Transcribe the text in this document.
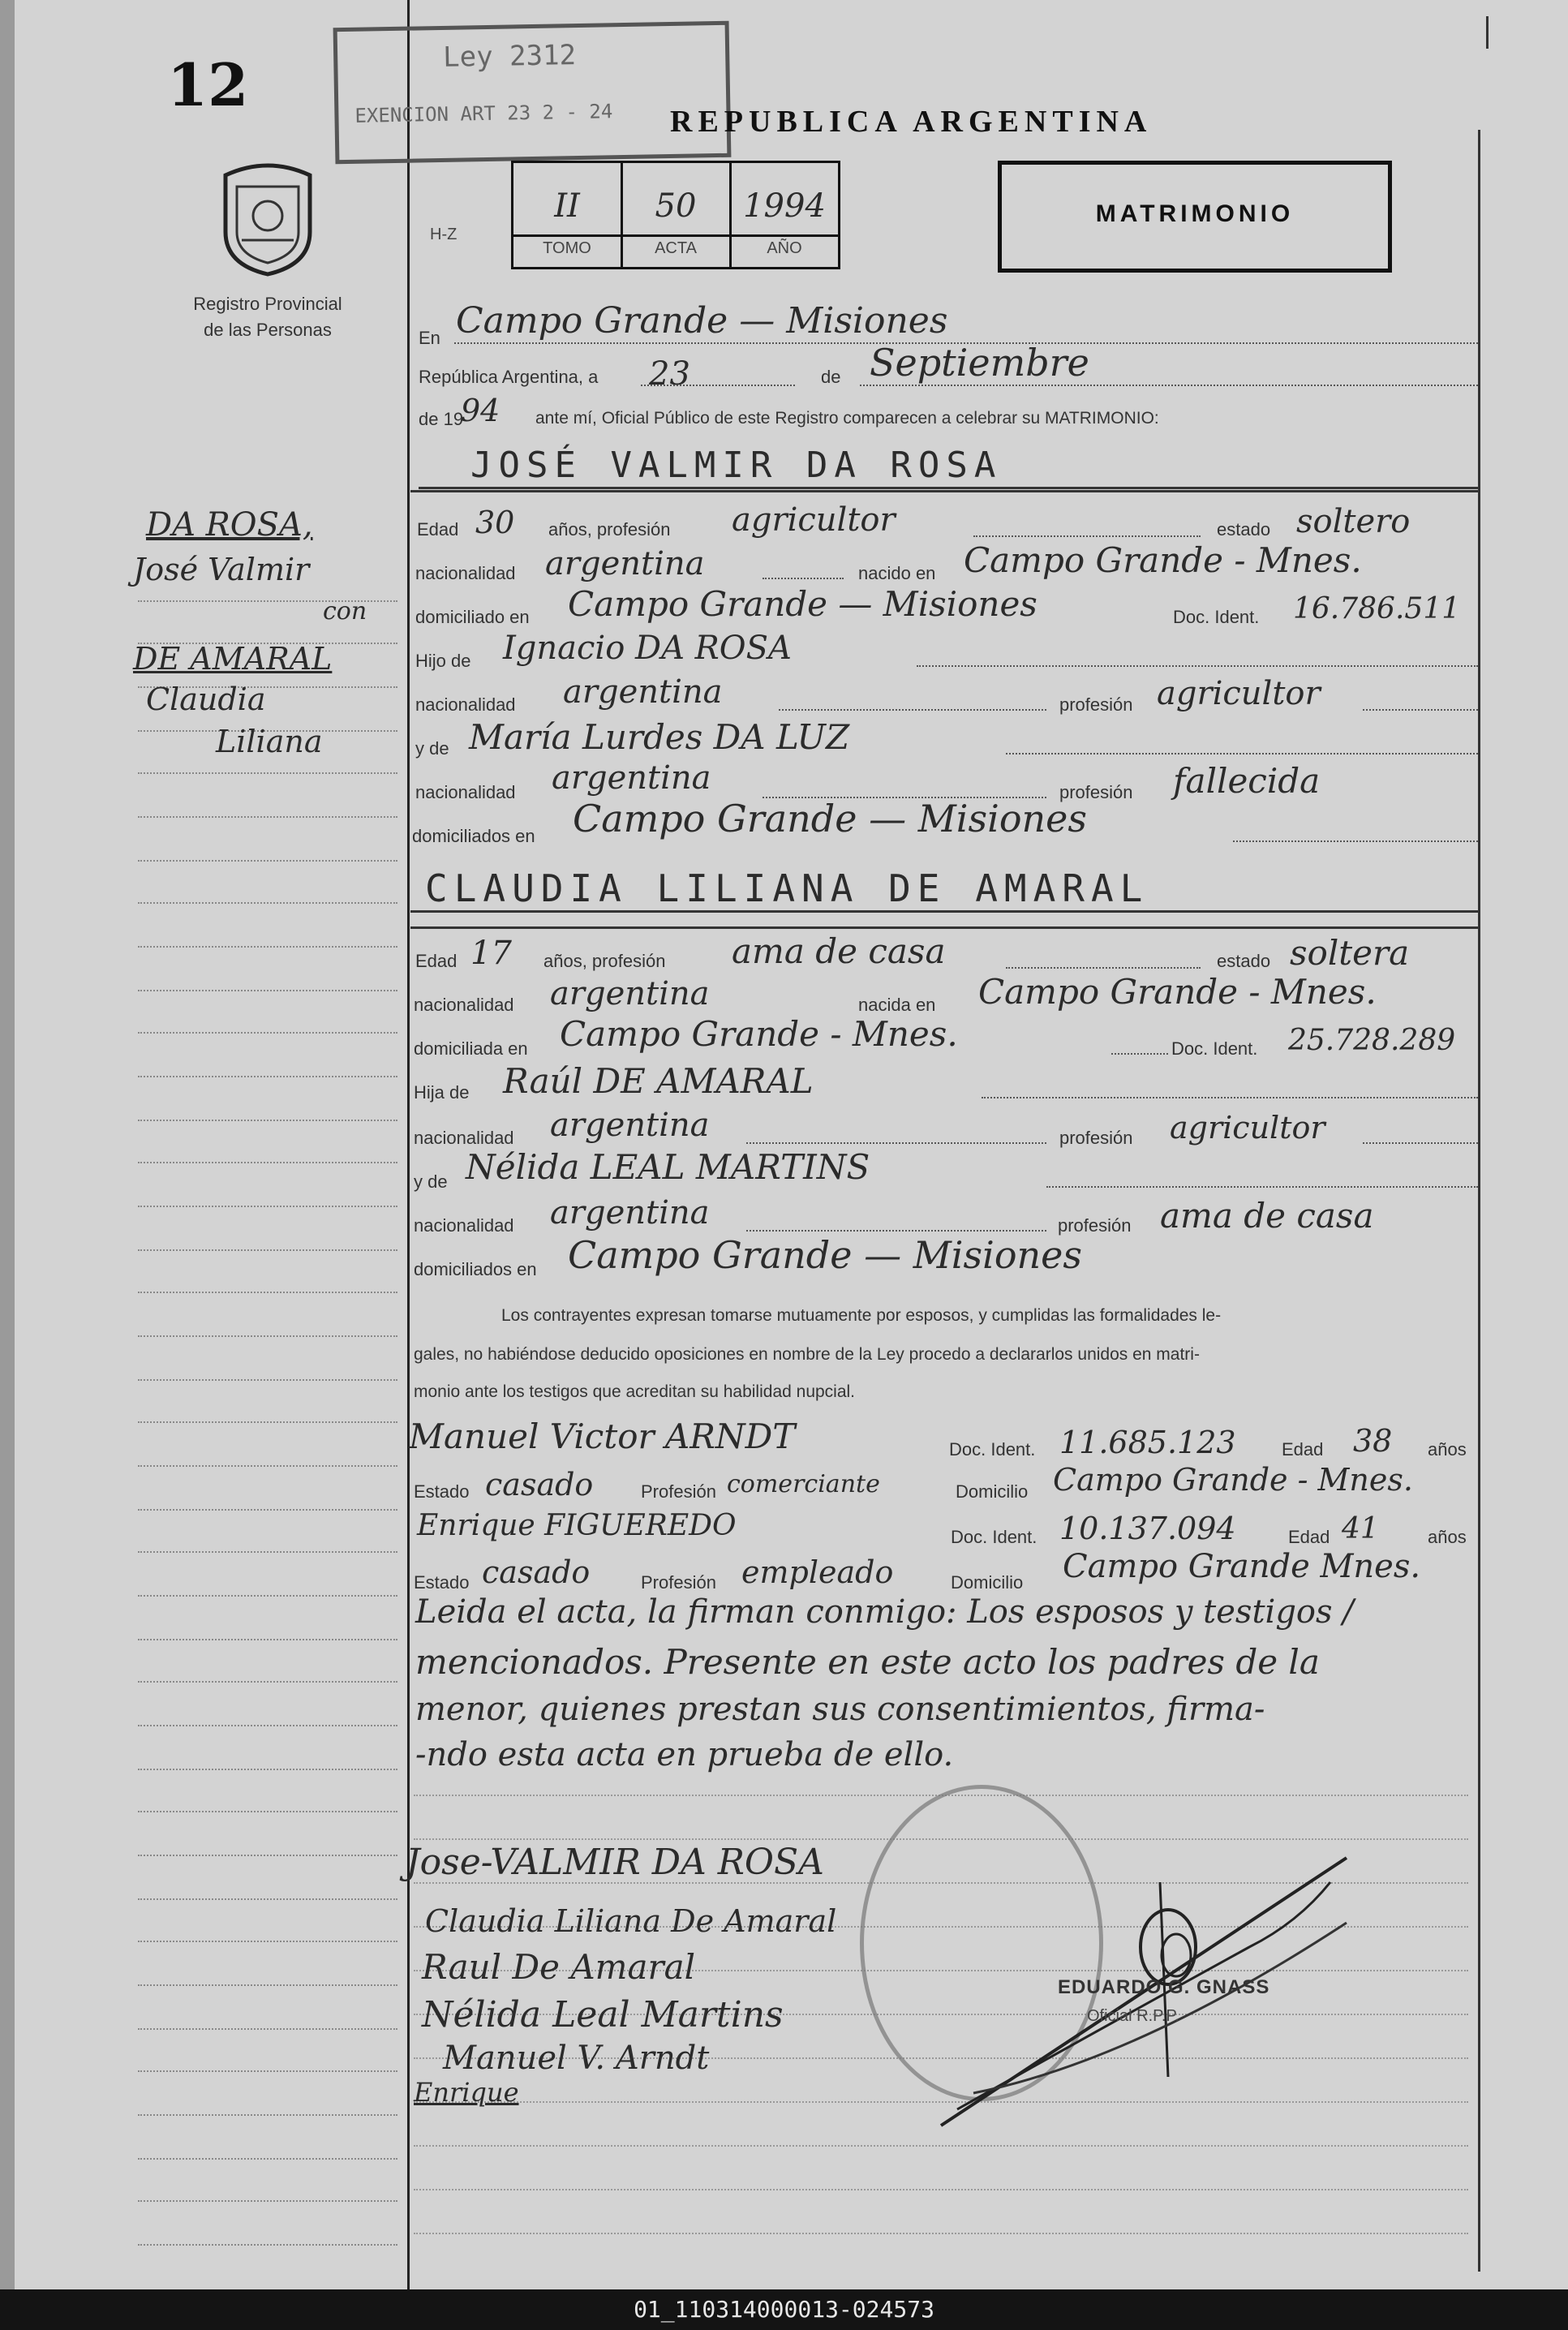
12	Ley 2312
EXENCION ART 23 2 - 24 REPUBLICA ARGENTINA
MATRIMONIO
H-Z
II	50	1994
TOMO	ACTA	AÑO
Registro Provincial
de las Personas
DA ROSA,
José Valmir
con
DE AMARAL
Claudia
Liliana
En Campo Grande — Misiones
República Argentina, a 23	de Septiembre
de 19
94 ante mí, Oficial Público de este Registro comparecen a celebrar su MATRIMONIO:
JOSÉ VALMIR DA ROSA
Edad 30 años, profesión agricultor	estado soltero
nacionalidad argentina	nacido en Campo Grande - Mnes.
domiciliado en Campo Grande — Misiones	Doc. Ident. 16.786.511
Hijo de Ignacio DA ROSA
nacionalidad argentina	profesión agricultor
y de María Lurdes DA LUZ
nacionalidad argentina	profesión fallecida
domiciliados en Campo Grande — Misiones
CLAUDIA LILIANA DE AMARAL
Edad 17 años, profesión ama de casa	estado soltera
nacionalidad argentina	nacida en Campo Grande - Mnes.
domiciliada en Campo Grande - Mnes.	Doc. Ident. 25.728.289
Hija de Raúl DE AMARAL
nacionalidad argentina	profesión agricultor
y de Nélida LEAL MARTINS
nacionalidad argentina	profesión ama de casa
domiciliados en Campo Grande — Misiones
Los contrayentes expresan tomarse mutuamente por esposos, y cumplidas las formalidades le-
gales, no habiéndose deducido oposiciones en nombre de la Ley procedo a declararlos unidos en matri-
monio ante los testigos que acreditan su habilidad nupcial.
Manuel Victor ARNDT	Doc. Ident. 11.685.123	Edad 38 años
Estado casado	Profesión comerciante	Domicilio Campo Grande - Mnes.
Enrique FIGUEREDO	Doc. Ident. 10.137.094	Edad 41	años
Estado casado	Profesión empleado	Domicilio Campo Grande Mnes.
Leida el acta, la firman conmigo: Los esposos y testigos /
mencionados. Presente en este acto los padres de la
menor, quienes prestan sus consentimientos, firma-
-ndo esta acta en prueba de ello.
Jose-VALMIR DA ROSA
Claudia Liliana De Amaral
Raul De Amaral
Nélida Leal Martins
Manuel V. Arndt
Enrique
EDUARDO G. GNASS
Oficial R.P.P.
01_110314000013-024573
